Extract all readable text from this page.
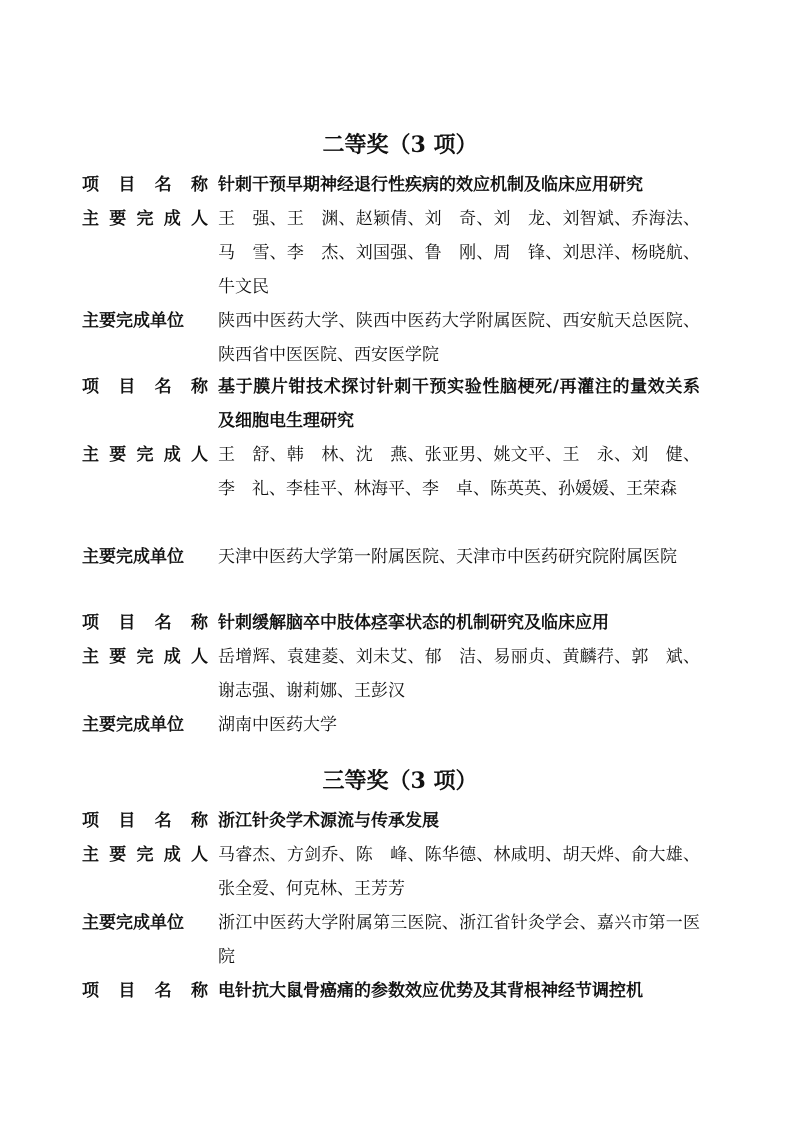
二等奖（3 项）
项 目 名 称 针刺干预早期神经退行性疾病的效应机制及临床应用研究
主 要 完 成 人 王　强、王　渊、赵颖倩、刘　奇、刘　龙、刘智斌、乔海法、马　雪、李　杰、刘国强、鲁　刚、周　锋、刘思洋、杨晓航、牛文民
主要完成单位	陕西中医药大学、陕西中医药大学附属医院、西安航天总医院、陕西省中医医院、西安医学院
项 目 名 称 基于膜片钳技术探讨针刺干预实验性脑梗死/再灌注的量效关系及细胞电生理研究
主 要 完 成 人 王　舒、韩　林、沈　燕、张亚男、姚文平、王　永、刘　健、李　礼、李桂平、林海平、李　卓、陈英英、孙媛媛、王荣森
主要完成单位	天津中医药大学第一附属医院、天津市中医药研究院附属医院
项 目 名 称 针刺缓解脑卒中肢体痉挛状态的机制研究及临床应用
主 要 完 成 人 岳增辉、袁建菱、刘未艾、郁　洁、易丽贞、黄麟荇、郭　斌、谢志强、谢莉娜、王彭汉
主要完成单位	湖南中医药大学
三等奖（3 项）
项 目 名 称 浙江针灸学术源流与传承发展
主 要 完 成 人 马睿杰、方剑乔、陈　峰、陈华德、林咸明、胡天烨、俞大雄、张全爱、何克林、王芳芳
主要完成单位	浙江中医药大学附属第三医院、浙江省针灸学会、嘉兴市第一医院
项 目 名 称 电针抗大鼠骨癌痛的参数效应优势及其背根神经节调控机
